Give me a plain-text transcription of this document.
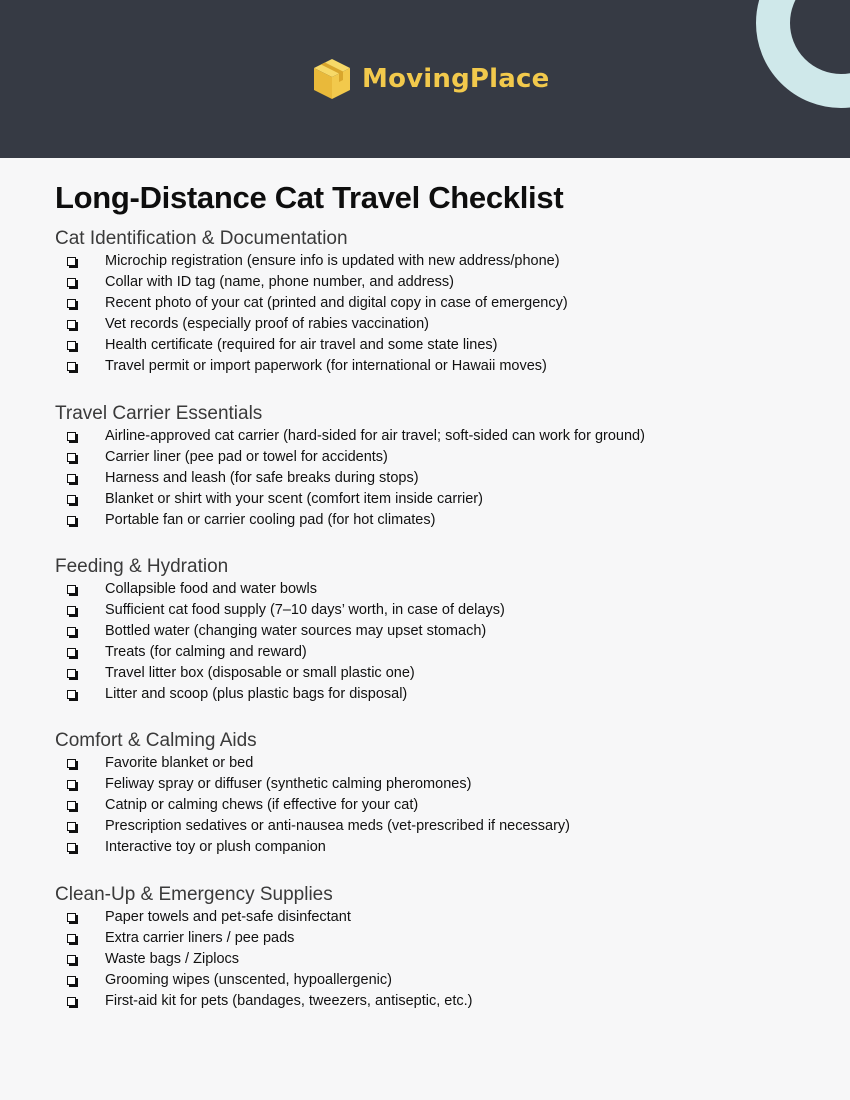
MovingPlace
Long-Distance Cat Travel Checklist
Cat Identification & Documentation
Microchip registration (ensure info is updated with new address/phone)
Collar with ID tag (name, phone number, and address)
Recent photo of your cat (printed and digital copy in case of emergency)
Vet records (especially proof of rabies vaccination)
Health certificate (required for air travel and some state lines)
Travel permit or import paperwork (for international or Hawaii moves)
Travel Carrier Essentials
Airline-approved cat carrier (hard-sided for air travel; soft-sided can work for ground)
Carrier liner (pee pad or towel for accidents)
Harness and leash (for safe breaks during stops)
Blanket or shirt with your scent (comfort item inside carrier)
Portable fan or carrier cooling pad (for hot climates)
Feeding & Hydration
Collapsible food and water bowls
Sufficient cat food supply (7–10 days’ worth, in case of delays)
Bottled water (changing water sources may upset stomach)
Treats (for calming and reward)
Travel litter box (disposable or small plastic one)
Litter and scoop (plus plastic bags for disposal)
Comfort & Calming Aids
Favorite blanket or bed
Feliway spray or diffuser (synthetic calming pheromones)
Catnip or calming chews (if effective for your cat)
Prescription sedatives or anti-nausea meds (vet-prescribed if necessary)
Interactive toy or plush companion
Clean-Up & Emergency Supplies
Paper towels and pet-safe disinfectant
Extra carrier liners / pee pads
Waste bags / Ziplocs
Grooming wipes (unscented, hypoallergenic)
First-aid kit for pets (bandages, tweezers, antiseptic, etc.)
